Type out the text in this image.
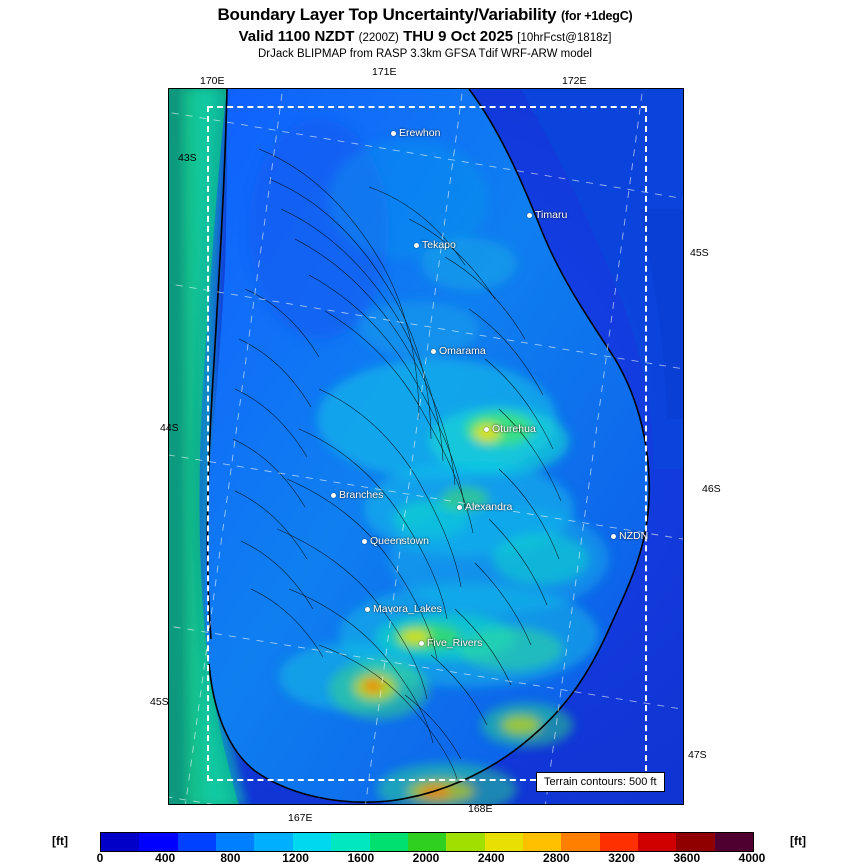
Boundary Layer Top Uncertainty/Variability (for +1degC)
Valid 1100 NZDT (2200Z) THU 9 Oct 2025 [10hrFcst@1818z]
DrJack BLIPMAP from RASP 3.3km GFSA Tdif WRF-ARW model
Erewhon
Timaru
Tekapo
Omarama
Oturehua
Branches
Alexandra
NZDN
Queenstown
Mavora_Lakes
Five_Rivers
170E
171E
172E
43S
45S
44S
46S
45S
47S
167E
168E
Terrain contours: 500 ft
[ft]	[ft]
0	400	800	1200	1600	2000	2400	2800	3200	3600	4000
